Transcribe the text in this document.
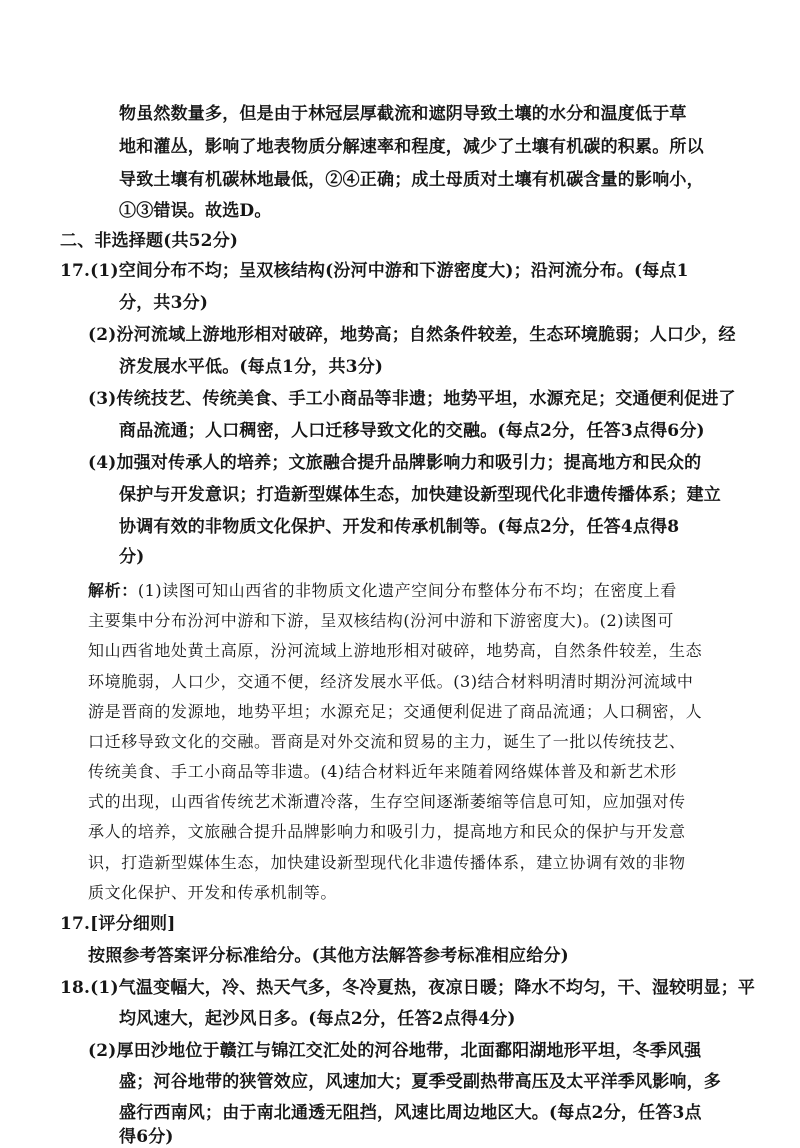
物虽然数量多，但是由于林冠层厚截流和遮阴导致土壤的水分和温度低于草
地和灌丛，影响了地表物质分解速率和程度，减少了土壤有机碳的积累。所以
导致土壤有机碳林地最低，②④正确；成土母质对土壤有机碳含量的影响小，
①③错误。故选D。
二、非选择题(共52分)
17.(1)空间分布不均；呈双核结构(汾河中游和下游密度大)；沿河流分布。(每点1
分，共3分)
(2)汾河流域上游地形相对破碎，地势高；自然条件较差，生态环境脆弱；人口少，经
济发展水平低。(每点1分，共3分)
(3)传统技艺、传统美食、手工小商品等非遗；地势平坦，水源充足；交通便利促进了
商品流通；人口稠密，人口迁移导致文化的交融。(每点2分，任答3点得6分)
(4)加强对传承人的培养；文旅融合提升品牌影响力和吸引力；提高地方和民众的
保护与开发意识；打造新型媒体生态，加快建设新型现代化非遗传播体系；建立
协调有效的非物质文化保护、开发和传承机制等。(每点2分，任答4点得8
分)
解析：(1)读图可知山西省的非物质文化遗产空间分布整体分布不均；在密度上看
主要集中分布汾河中游和下游，呈双核结构(汾河中游和下游密度大)。(2)读图可
知山西省地处黄土高原，汾河流域上游地形相对破碎，地势高，自然条件较差，生态
环境脆弱，人口少，交通不便，经济发展水平低。(3)结合材料明清时期汾河流域中
游是晋商的发源地，地势平坦；水源充足；交通便利促进了商品流通；人口稠密，人
口迁移导致文化的交融。晋商是对外交流和贸易的主力，诞生了一批以传统技艺、
传统美食、手工小商品等非遗。(4)结合材料近年来随着网络媒体普及和新艺术形
式的出现，山西省传统艺术渐遭冷落，生存空间逐渐萎缩等信息可知，应加强对传
承人的培养，文旅融合提升品牌影响力和吸引力，提高地方和民众的保护与开发意
识，打造新型媒体生态，加快建设新型现代化非遗传播体系，建立协调有效的非物
质文化保护、开发和传承机制等。
17.[评分细则]
按照参考答案评分标准给分。(其他方法解答参考标准相应给分)
18.(1)气温变幅大，冷、热天气多，冬冷夏热，夜凉日暖；降水不均匀，干、湿较明显；平
均风速大，起沙风日多。(每点2分，任答2点得4分)
(2)厚田沙地位于赣江与锦江交汇处的河谷地带，北面鄱阳湖地形平坦，冬季风强
盛；河谷地带的狭管效应，风速加大；夏季受副热带高压及太平洋季风影响，多
盛行西南风；由于南北通透无阻挡，风速比周边地区大。(每点2分，任答3点
得6分)
